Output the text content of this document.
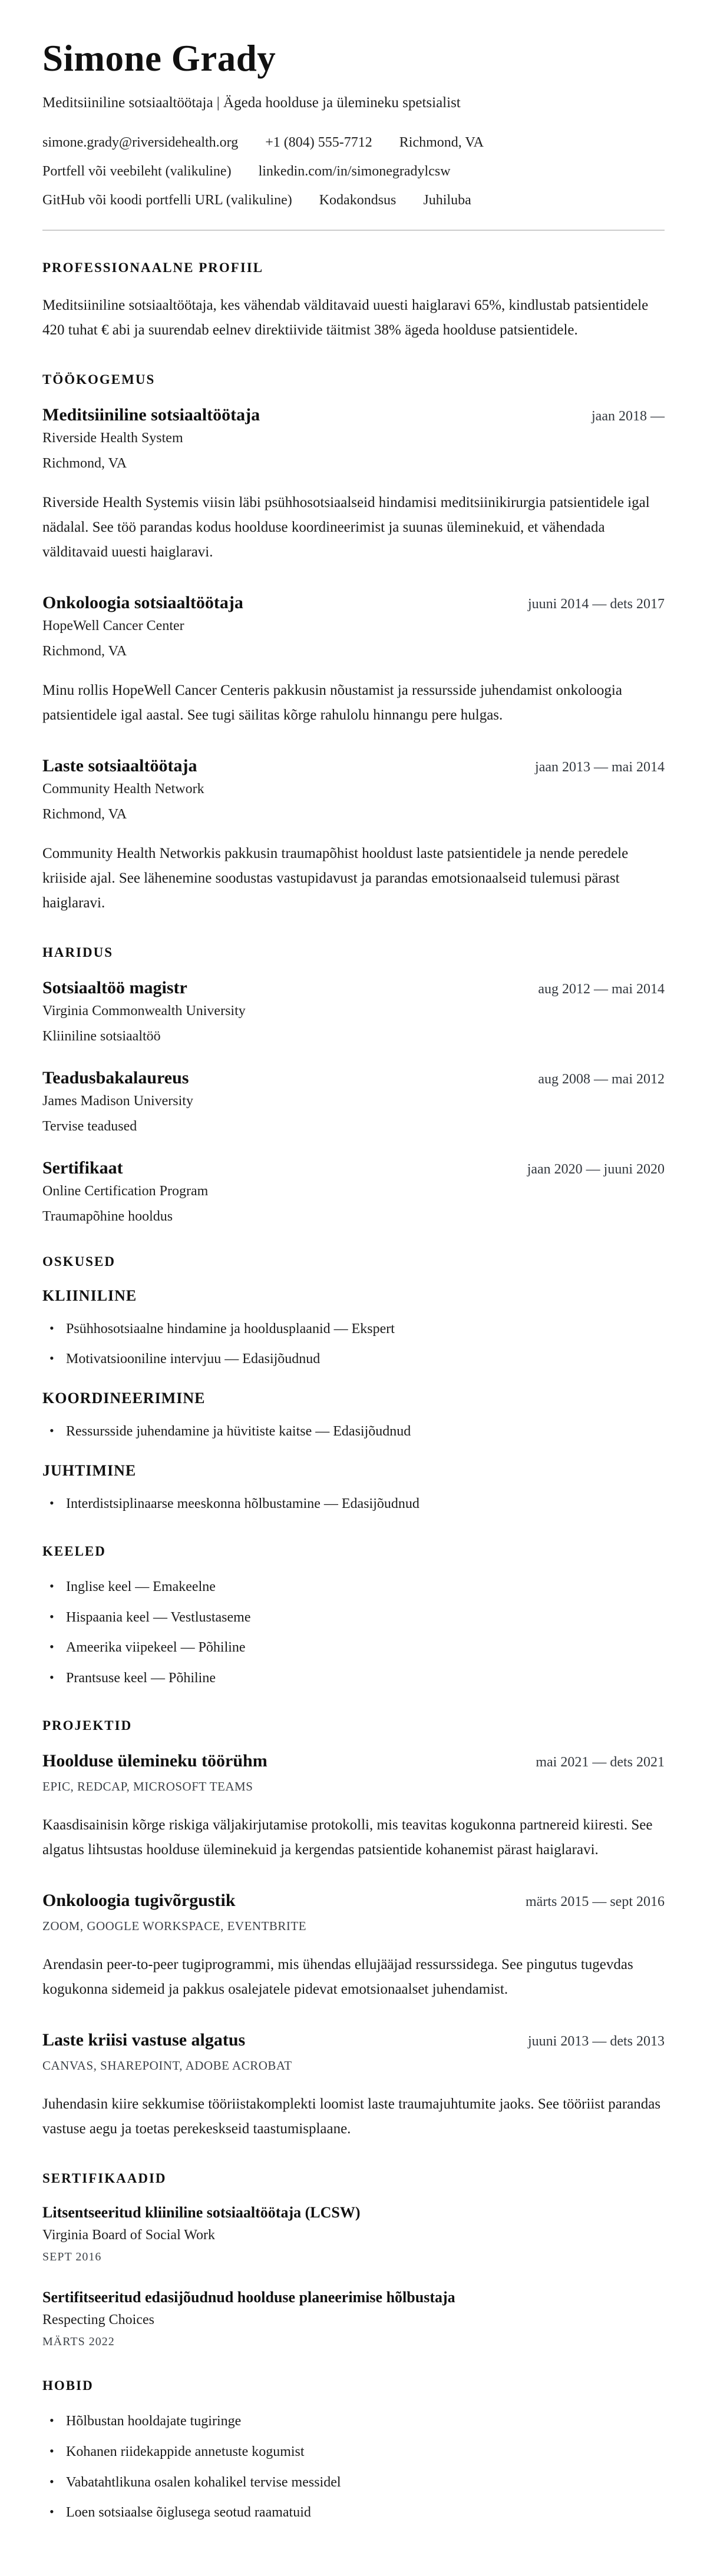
Simone Grady

Meditsiiniline sotsiaaltöötaja | Ägeda hoolduse ja ülemineku spetsialist

simone.grady@riversidehealth.org +1 (804) 555-7712 Richmond, VA
Portfell või veebileht (valikuline) linkedin.com/in/simonegradylcsw
GitHub või koodi portfelli URL (valikuline) Kodakondsus Juhiluba
PROFESSIONAALNE PROFIIL

Meditsiiniline sotsiaaltöötaja, kes vähendab välditavaid uuesti haiglaravi 65%, kindlustab patsientidele 420 tuhat € abi ja suurendab eelnev direktiivide täitmist 38% ägeda hoolduse patsientidele.

TÖÖKOGEMUS
Meditsiiniline sotsiaaltöötaja	jaan 2018 —
Riverside Health System
Richmond, VA

Riverside Health Systemis viisin läbi psühhosotsiaalseid hindamisi meditsiinikirurgia patsientidele igal nädalal. See töö parandas kodus hoolduse koordineerimist ja suunas üleminekuid, et vähendada välditavaid uuesti haiglaravi.

Onkoloogia sotsiaaltöötaja	juuni 2014 — dets 2017
HopeWell Cancer Center
Richmond, VA

Minu rollis HopeWell Cancer Centeris pakkusin nõustamist ja ressursside juhendamist onkoloogia patsientidele igal aastal. See tugi säilitas kõrge rahulolu hinnangu pere hulgas.

Laste sotsiaaltöötaja	jaan 2013 — mai 2014
Community Health Network
Richmond, VA

Community Health Networkis pakkusin traumapõhist hooldust laste patsientidele ja nende peredele kriiside ajal. See lähenemine soodustas vastupidavust ja parandas emotsionaalseid tulemusi pärast haiglaravi.

HARIDUS
Sotsiaaltöö magistr	aug 2012 — mai 2014
Virginia Commonwealth University
Kliiniline sotsiaaltöö
Teadusbakalaureus	aug 2008 — mai 2012
James Madison University
Tervise teadused
Sertifikaat	jaan 2020 — juuni 2020
Online Certification Program
Traumapõhine hooldus
OSKUSED
KLIINILINE
• Psühhosotsiaalne hindamine ja hooldusplaanid — Ekspert
• Motivatsiooniline intervjuu — Edasijõudnud
KOORDINEERIMINE
• Ressursside juhendamine ja hüvitiste kaitse — Edasijõudnud
JUHTIMINE
• Interdistsiplinaarse meeskonna hõlbustamine — Edasijõudnud
KEELED
• Inglise keel — Emakeelne
• Hispaania keel — Vestlustaseme
• Ameerika viipekeel — Põhiline
• Prantsuse keel — Põhiline
PROJEKTID
Hoolduse ülemineku töörühm	mai 2021 — dets 2021
EPIC, REDCAP, MICROSOFT TEAMS

Kaasdisainisin kõrge riskiga väljakirjutamise protokolli, mis teavitas kogukonna partnereid kiiresti. See algatus lihtsustas hoolduse üleminekuid ja kergendas patsientide kohanemist pärast haiglaravi.

Onkoloogia tugivõrgustik	märts 2015 — sept 2016
ZOOM, GOOGLE WORKSPACE, EVENTBRITE

Arendasin peer-to-peer tugiprogrammi, mis ühendas ellujääjad ressurssidega. See pingutus tugevdas kogukonna sidemeid ja pakkus osalejatele pidevat emotsionaalset juhendamist.

Laste kriisi vastuse algatus	juuni 2013 — dets 2013
CANVAS, SHAREPOINT, ADOBE ACROBAT

Juhendasin kiire sekkumise tööriistakomplekti loomist laste traumajuhtumite jaoks. See tööriist parandas vastuse aegu ja toetas perekeskseid taastumisplaane.

SERTIFIKAADID
Litsentseeritud kliiniline sotsiaaltöötaja (LCSW)
Virginia Board of Social Work
SEPT 2016
Sertifitseeritud edasijõudnud hoolduse planeerimise hõlbustaja
Respecting Choices
MÄRTS 2022
HOBID
• Hõlbustan hooldajate tugiringe
• Kohanen riidekappide annetuste kogumist
• Vabatahtlikuna osalen kohalikel tervise messidel
• Loen sotsiaalse õiglusega seotud raamatuid
